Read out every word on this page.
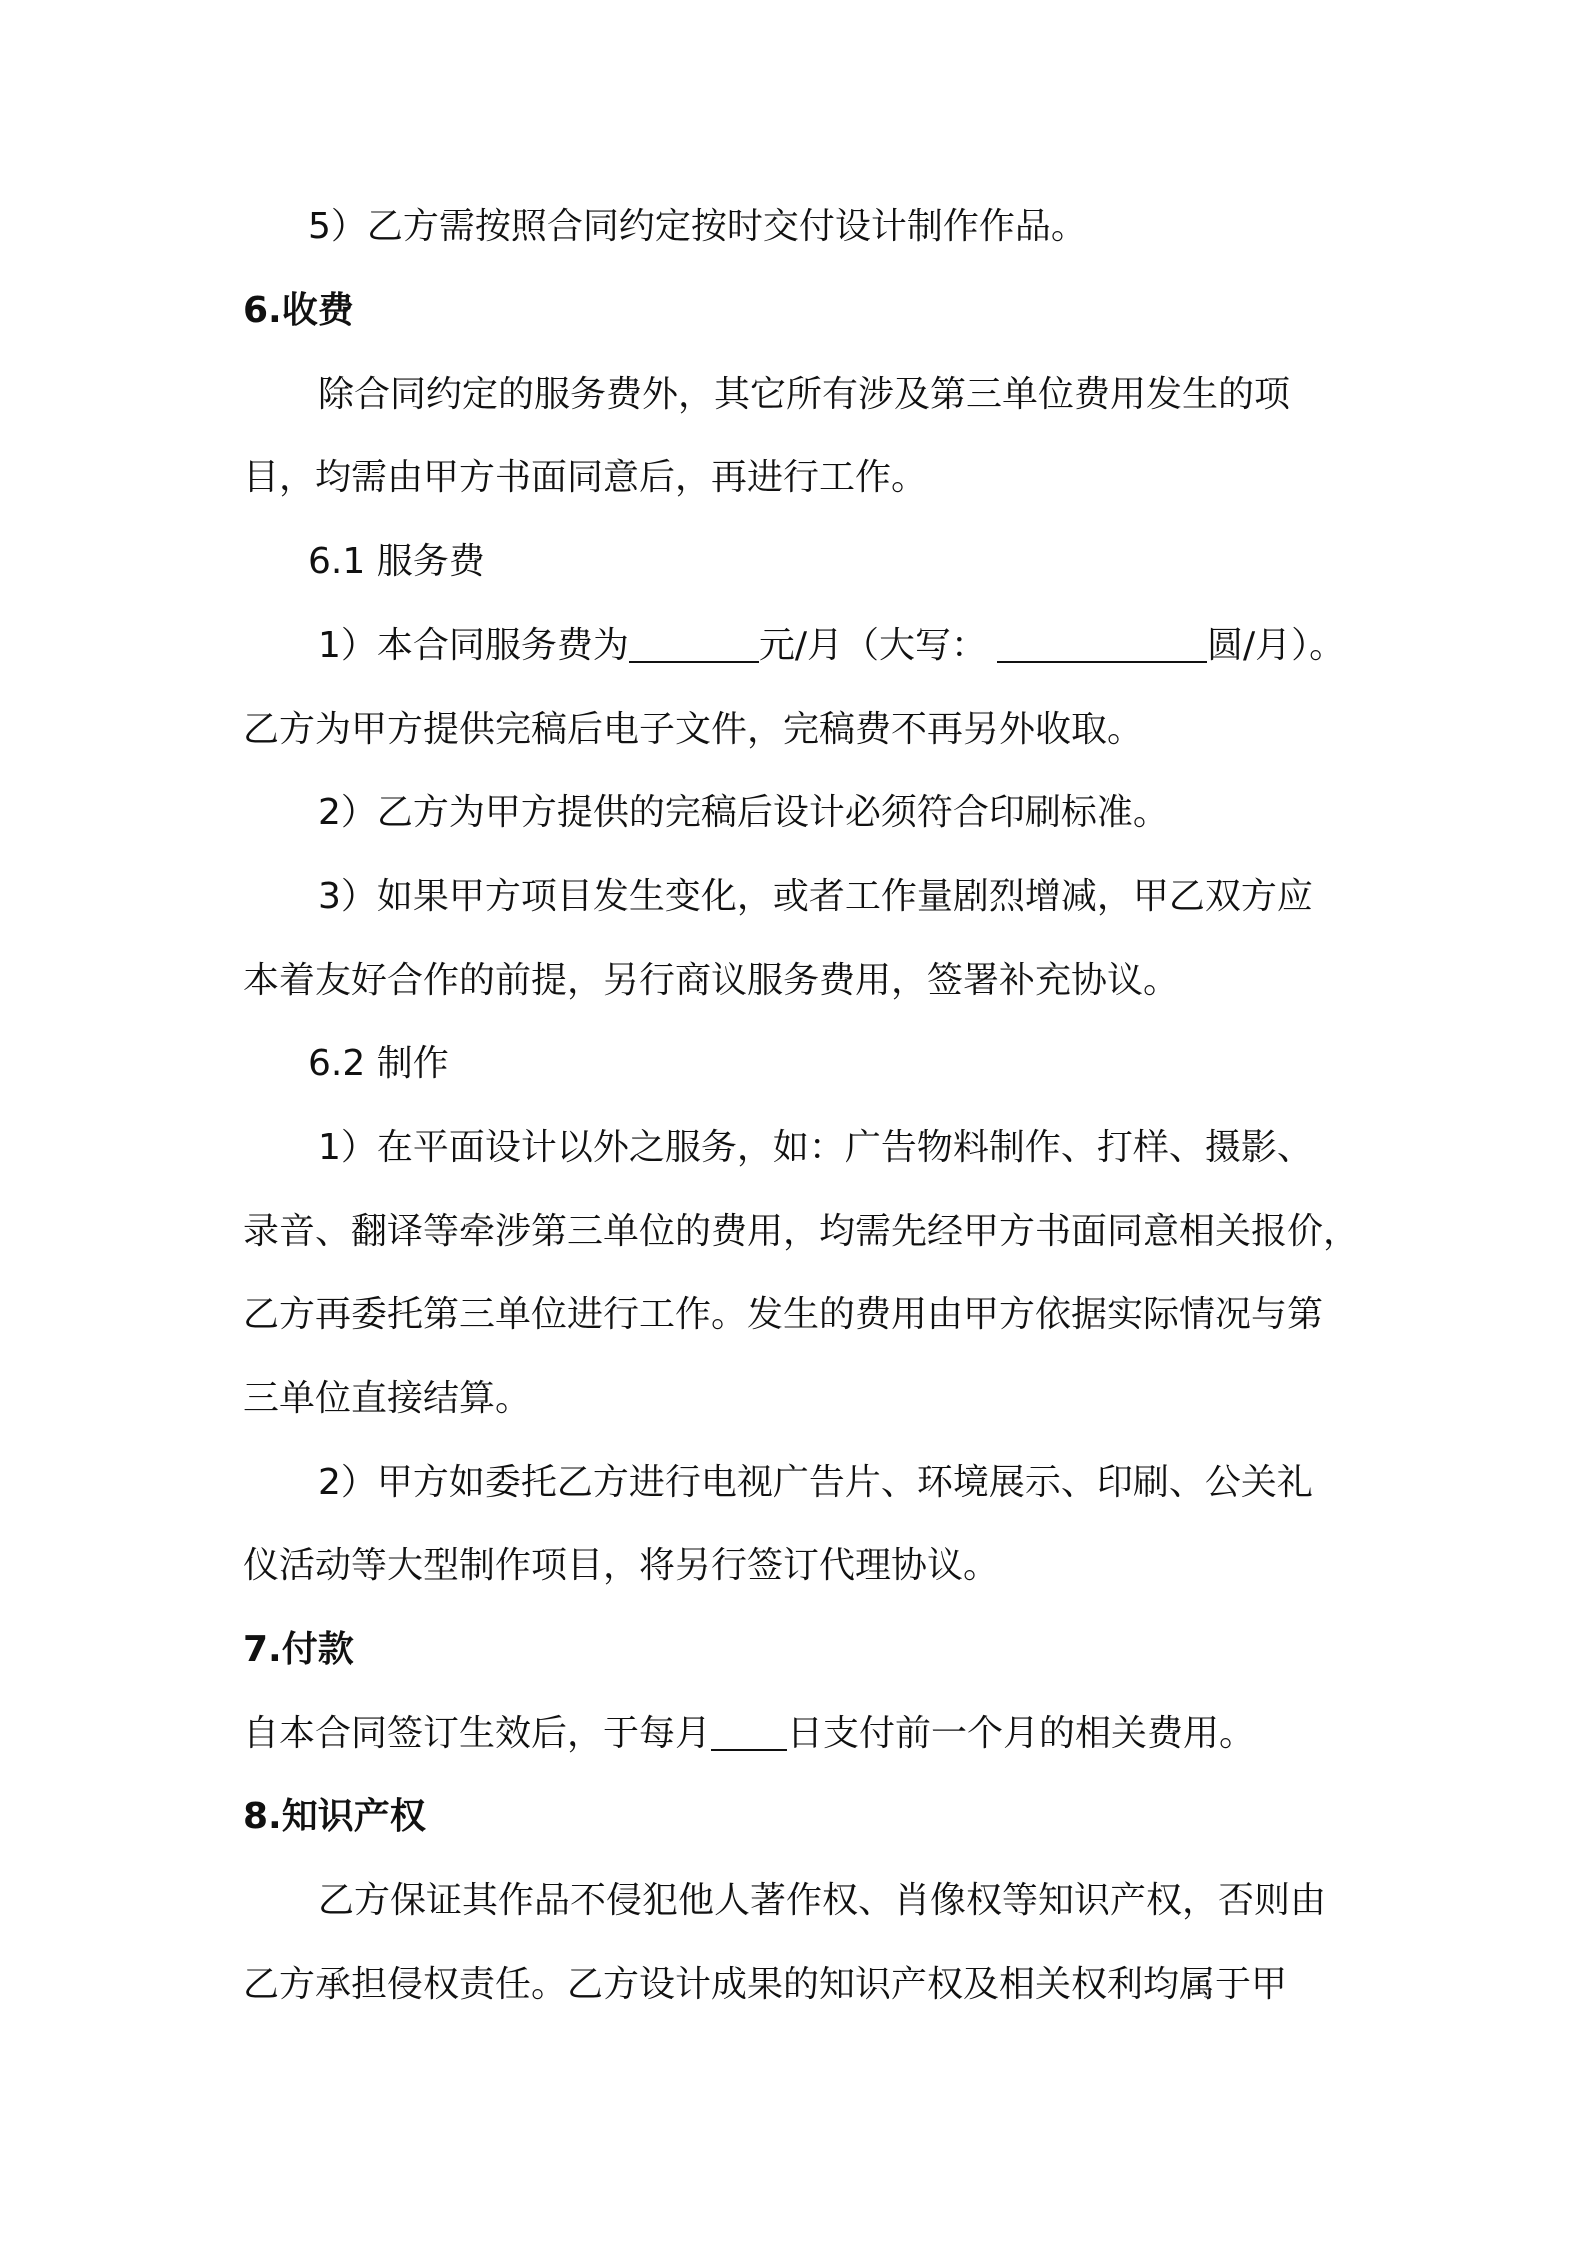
5）乙方需按照合同约定按时交付设计制作作品。
6.收费
除合同约定的服务费外，其它所有涉及第三单位费用发生的项
目，均需由甲方书面同意后，再进行工作。
6.1 服务费
1）本合同服务费为	元/月（大写：	圆/月）。
乙方为甲方提供完稿后电子文件，完稿费不再另外收取。
2）乙方为甲方提供的完稿后设计必须符合印刷标准。
3）如果甲方项目发生变化，或者工作量剧烈增减，甲乙双方应
本着友好合作的前提，另行商议服务费用，签署补充协议。
6.2 制作
1）在平面设计以外之服务，如：广告物料制作、打样、摄影、
录音、翻译等牵涉第三单位的费用，均需先经甲方书面同意相关报价，
乙方再委托第三单位进行工作。发生的费用由甲方依据实际情况与第
三单位直接结算。
2）甲方如委托乙方进行电视广告片、环境展示、印刷、公关礼
仪活动等大型制作项目，将另行签订代理协议。
7.付款
自本合同签订生效后，于每月 日支付前一个月的相关费用。
8.知识产权
乙方保证其作品不侵犯他人著作权、肖像权等知识产权，否则由
乙方承担侵权责任。乙方设计成果的知识产权及相关权利均属于甲
